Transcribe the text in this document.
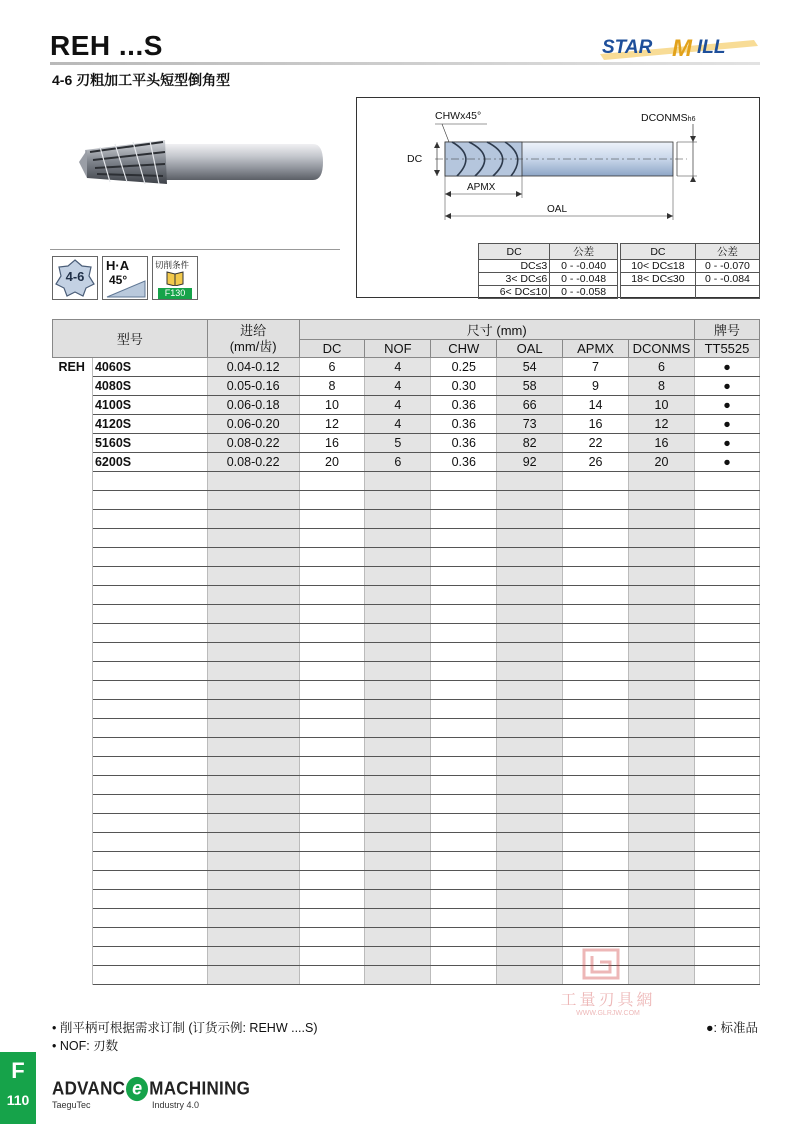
REH ...S
4-6 刃粗加工平头短型倒角型
STAR M ILL
4-6
H·A
45°
切削条件
F130
CHWx45°	DCONMSh6
DC
APMX
OAL
DC	公差
DC≤3	0 - -0.040
3< DC≤6	0 - -0.048
6< DC≤10	0 - -0.058
DC	公差
10< DC≤18	0 - -0.070
18< DC≤30	0 - -0.084

型号		进给
(mm/齿)	尺寸 (mm)						牌号
			DC	NOF	CHW	OAL	APMX	DCONMS	TT5525
REH	4060S	0.04-0.12	6	4	0.25	54	7	6	●
	4080S	0.05-0.16	8	4	0.30	58	9	8	●
	4100S	0.06-0.18	10	4	0.36	66	14	10	●
	4120S	0.06-0.20	12	4	0.36	73	16	12	●
	5160S	0.08-0.22	16	5	0.36	82	22	16	●
	6200S	0.08-0.22	20	6	0.36	92	26	20	●

工量刃具網
WWW.GLRJW.COM
• 削平柄可根据需求订制 (订货示例: REHW ....S)
• NOF: 刃数
●: 标准品
F
110
ADVANC e MACHINING
TaeguTec	Industry 4.0
